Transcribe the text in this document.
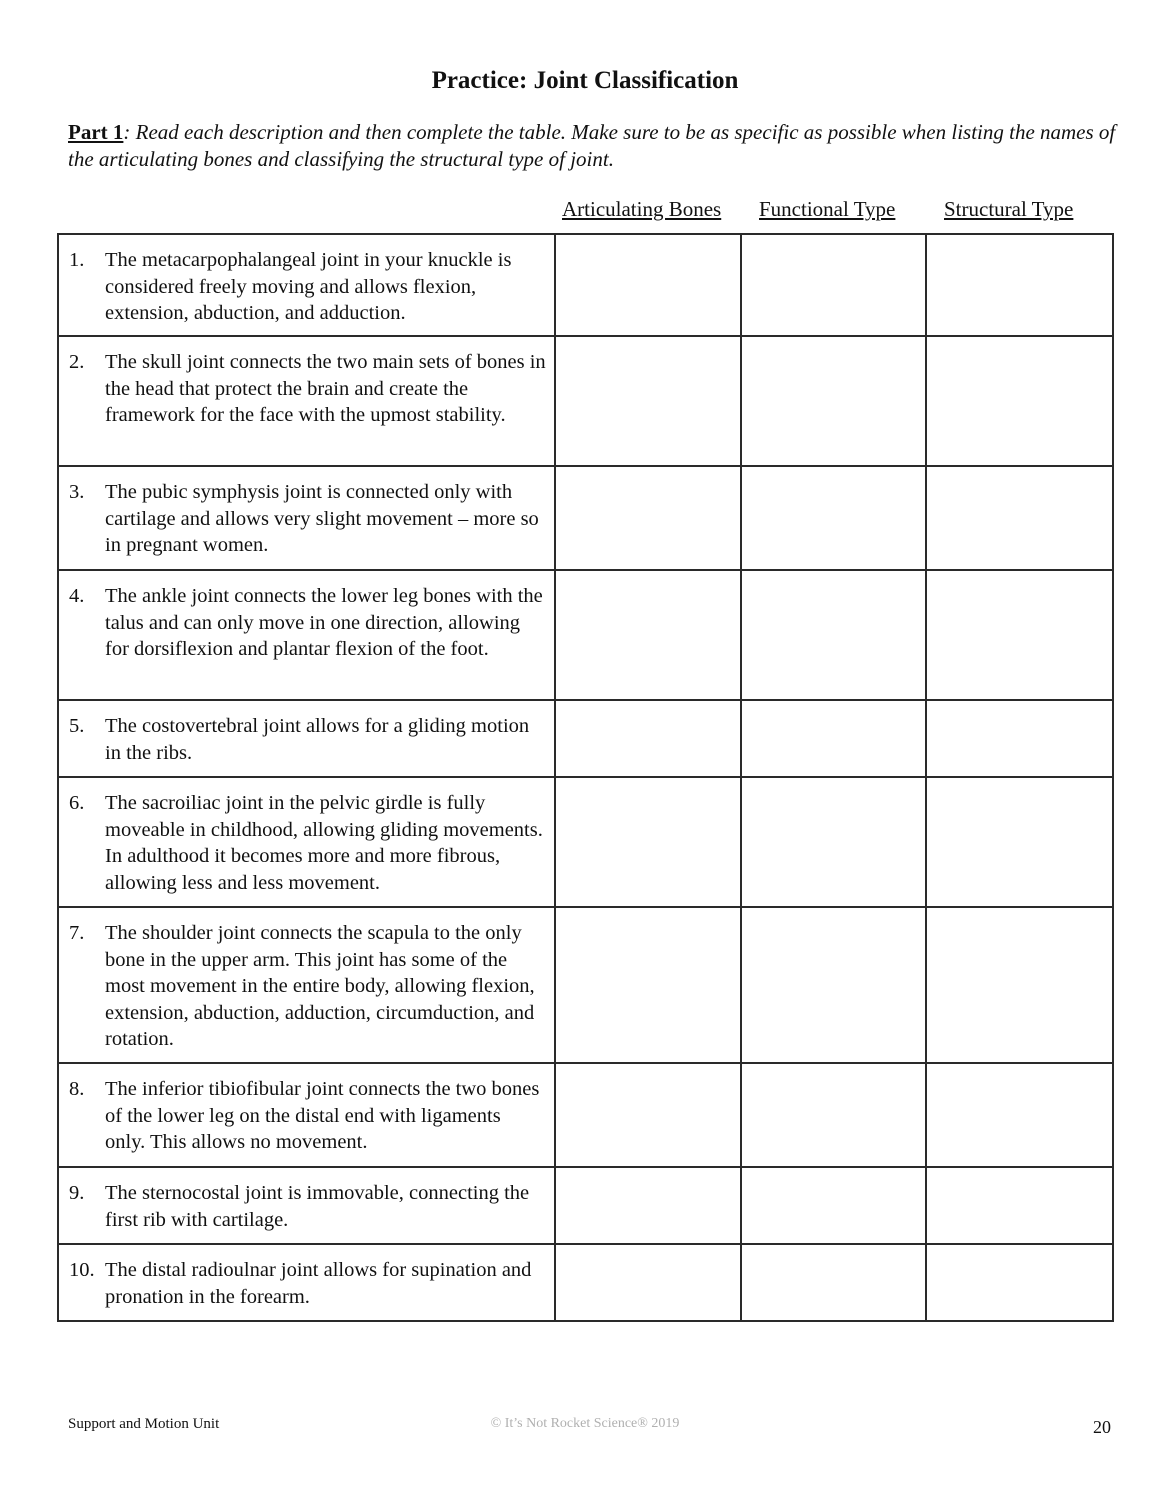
Practice: Joint Classification
Part 1: Read each description and then complete the table. Make sure to be as specific as possible when listing the names of the articulating bones and classifying the structural type of joint.
Articulating Bones Functional Type Structural Type
1. The metacarpophalangeal joint in your knuckle is considered freely moving and allows flexion, extension, abduction, and adduction.			

2. The skull joint connects the two main sets of bones in the head that protect the brain and create the framework for the face with the upmost stability.			

3. The pubic symphysis joint is connected only with cartilage and allows very slight movement – more so in pregnant women.			

4. The ankle joint connects the lower leg bones with the talus and can only move in one direction, allowing for dorsiflexion and plantar flexion of the foot.			

5. The costovertebral joint allows for a gliding motion in the ribs.			

6. The sacroiliac joint in the pelvic girdle is fully moveable in childhood, allowing gliding movements. In adulthood it becomes more and more fibrous, allowing less and less movement.			

7. The shoulder joint connects the scapula to the only bone in the upper arm. This joint has some of the most movement in the entire body, allowing flexion, extension, abduction, adduction, circumduction, and rotation.			

8. The inferior tibiofibular joint connects the two bones of the lower leg on the distal end with ligaments only. This allows no movement.			

9. The sternocostal joint is immovable, connecting the first rib with cartilage.			

10. The distal radioulnar joint allows for supination and pronation in the forearm.			

Support and Motion Unit	© It’s Not Rocket Science® 2019	20
